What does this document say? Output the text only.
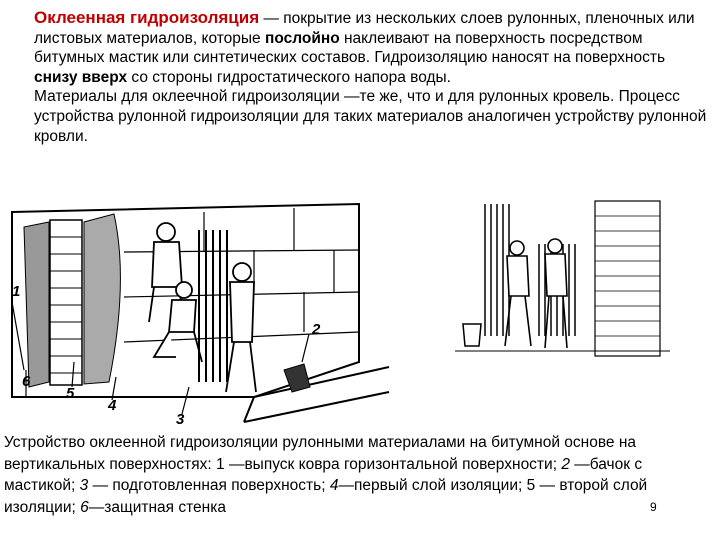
Оклеенная гидроизоляция — покрытие из нескольких слоев рулонных, пленочных или листовых материалов, которые послойно наклеивают на поверхность посредством битумных мастик или синтетических составов. Гидроизоляцию наносят на поверхность снизу вверх со стороны гидростатического напора воды.

Материалы для оклеечной гидроизоляции —те же, что и для рулонных кровель. Процесс устройства рулонной гидроизоляции для таких материалов аналогичен устройству рулонной кровли.

1
2
3
4
5
6

Устройство оклеенной гидроизоляции рулонными материалами на битумной основе на вертикальных поверхностях: 1 —выпуск ковра горизонтальной поверхности; 2 —бачок с мастикой; 3 — подготовленная поверхность; 4—первый слой изоляции; 5 — второй слой изоляции; 6—защитная стенка	9
